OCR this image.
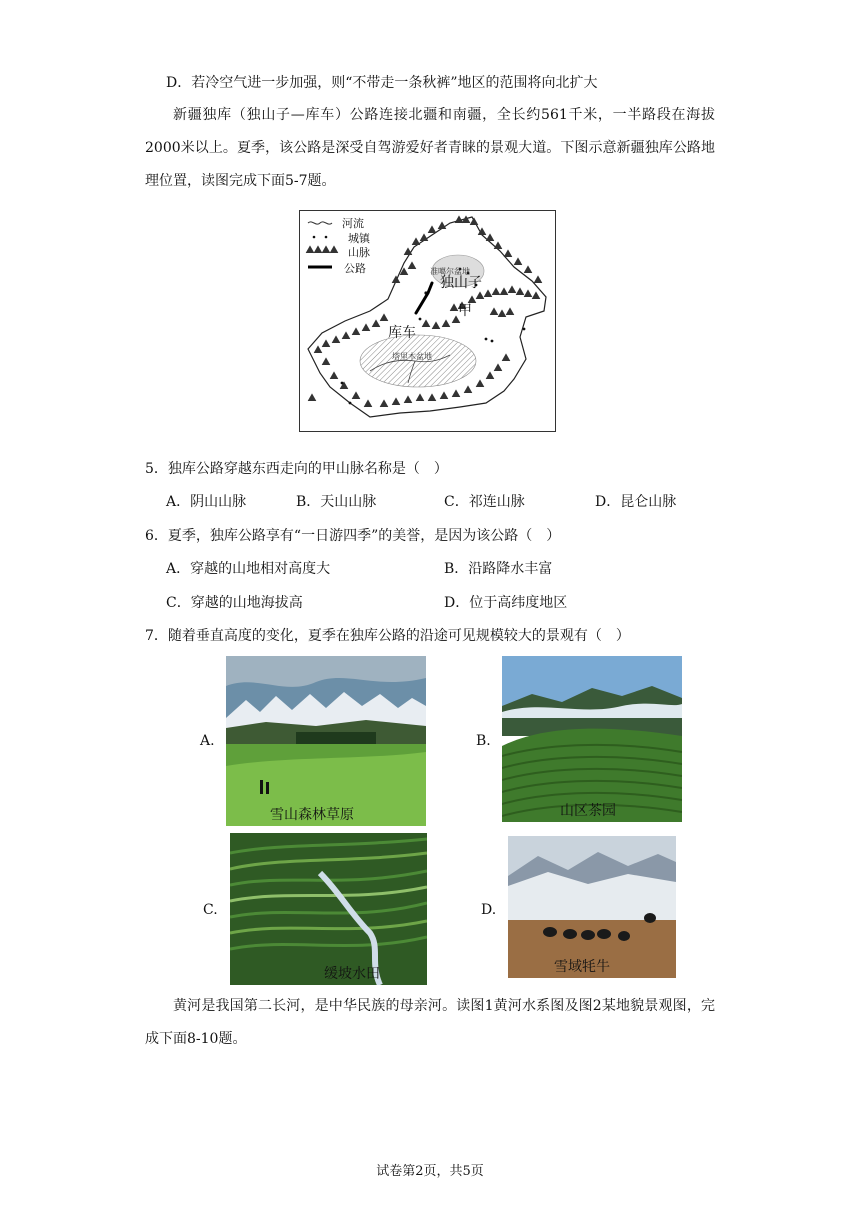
D．若冷空气进一步加强，则“不带走一条秋裤”地区的范围将向北扩大
新疆独库（独山子—库车）公路连接北疆和南疆，全长约561千米，一半路段在海拔2000米以上。夏季，该公路是深受自驾游爱好者青睐的景观大道。下图示意新疆独库公路地理位置，读图完成下面5-7题。
河流
城镇
山脉
公路	准噶尔盆地
独山子
甲
库车
塔里木盆地
5．独库公路穿越东西走向的甲山脉名称是（　）
A．阴山山脉	B．天山山脉	C．祁连山脉	D．昆仑山脉
6．夏季，独库公路享有“一日游四季”的美誉，是因为该公路（　）
A．穿越的山地相对高度大	B．沿路降水丰富
C．穿越的山地海拔高	D．位于高纬度地区
7．随着垂直高度的变化，夏季在独库公路的沿途可见规模较大的景观有（　）
A.
雪山森林草原
B.
山区茶园
C.
缓坡水田
D.
雪域牦牛
黄河是我国第二长河，是中华民族的母亲河。读图1黄河水系图及图2某地貌景观图，完成下面8-10题。
试卷第2页，共5页
